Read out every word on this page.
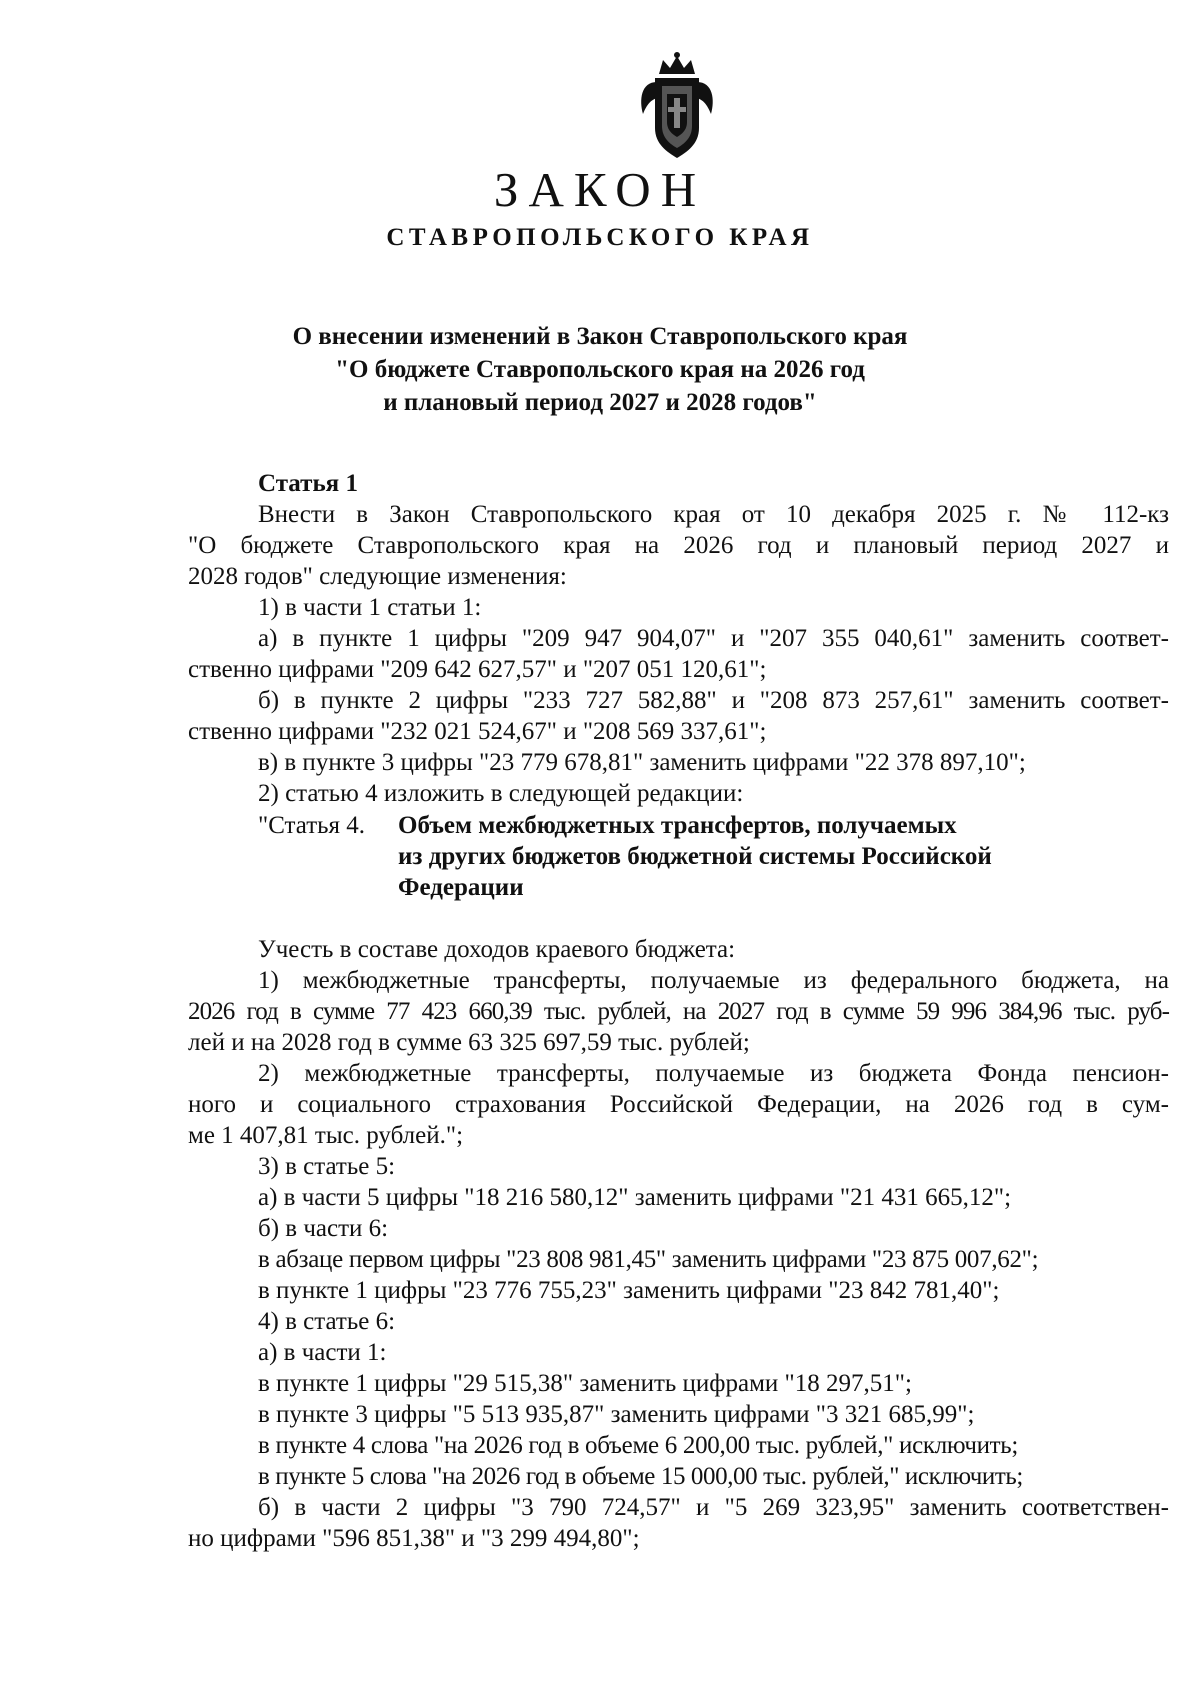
ЗАКОН
СТАВРОПОЛЬСКОГО КРАЯ
О внесении изменений в Закон Ставропольского края
"О бюджете Ставропольского края на 2026 год
и плановый период 2027 и 2028 годов"
Статья 1
Внести в Закон Ставропольского края от 10 декабря 2025 г. № 112-кз
"О бюджете Ставропольского края на 2026 год и плановый период 2027 и
2028 годов" следующие изменения:
1) в части 1 статьи 1:
а) в пункте 1 цифры "209 947 904,07" и "207 355 040,61" заменить соответ-
ственно цифрами "209 642 627,57" и "207 051 120,61";
б) в пункте 2 цифры "233 727 582,88" и "208 873 257,61" заменить соответ-
ственно цифрами "232 021 524,67" и "208 569 337,61";
в) в пункте 3 цифры "23 779 678,81" заменить цифрами "22 378 897,10";
2) статью 4 изложить в следующей редакции:
"Статья 4. Объем межбюджетных трансфертов, получаемых
из других бюджетов бюджетной системы Российской
Федерации
Учесть в составе доходов краевого бюджета:
1) межбюджетные трансферты, получаемые из федерального бюджета, на
2026 год в сумме 77 423 660,39 тыс. рублей, на 2027 год в сумме 59 996 384,96 тыс. руб-
лей и на 2028 год в сумме 63 325 697,59 тыс. рублей;
2) межбюджетные трансферты, получаемые из бюджета Фонда пенсион-
ного и социального страхования Российской Федерации, на 2026 год в сум-
ме 1 407,81 тыс. рублей.";
3) в статье 5:
а) в части 5 цифры "18 216 580,12" заменить цифрами "21 431 665,12";
б) в части 6:
в абзаце первом цифры "23 808 981,45" заменить цифрами "23 875 007,62";
в пункте 1 цифры "23 776 755,23" заменить цифрами "23 842 781,40";
4) в статье 6:
а) в части 1:
в пункте 1 цифры "29 515,38" заменить цифрами "18 297,51";
в пункте 3 цифры "5 513 935,87" заменить цифрами "3 321 685,99";
в пункте 4 слова "на 2026 год в объеме 6 200,00 тыс. рублей," исключить;
в пункте 5 слова "на 2026 год в объеме 15 000,00 тыс. рублей," исключить;
б) в части 2 цифры "3 790 724,57" и "5 269 323,95" заменить соответствен-
но цифрами "596 851,38" и "3 299 494,80";
